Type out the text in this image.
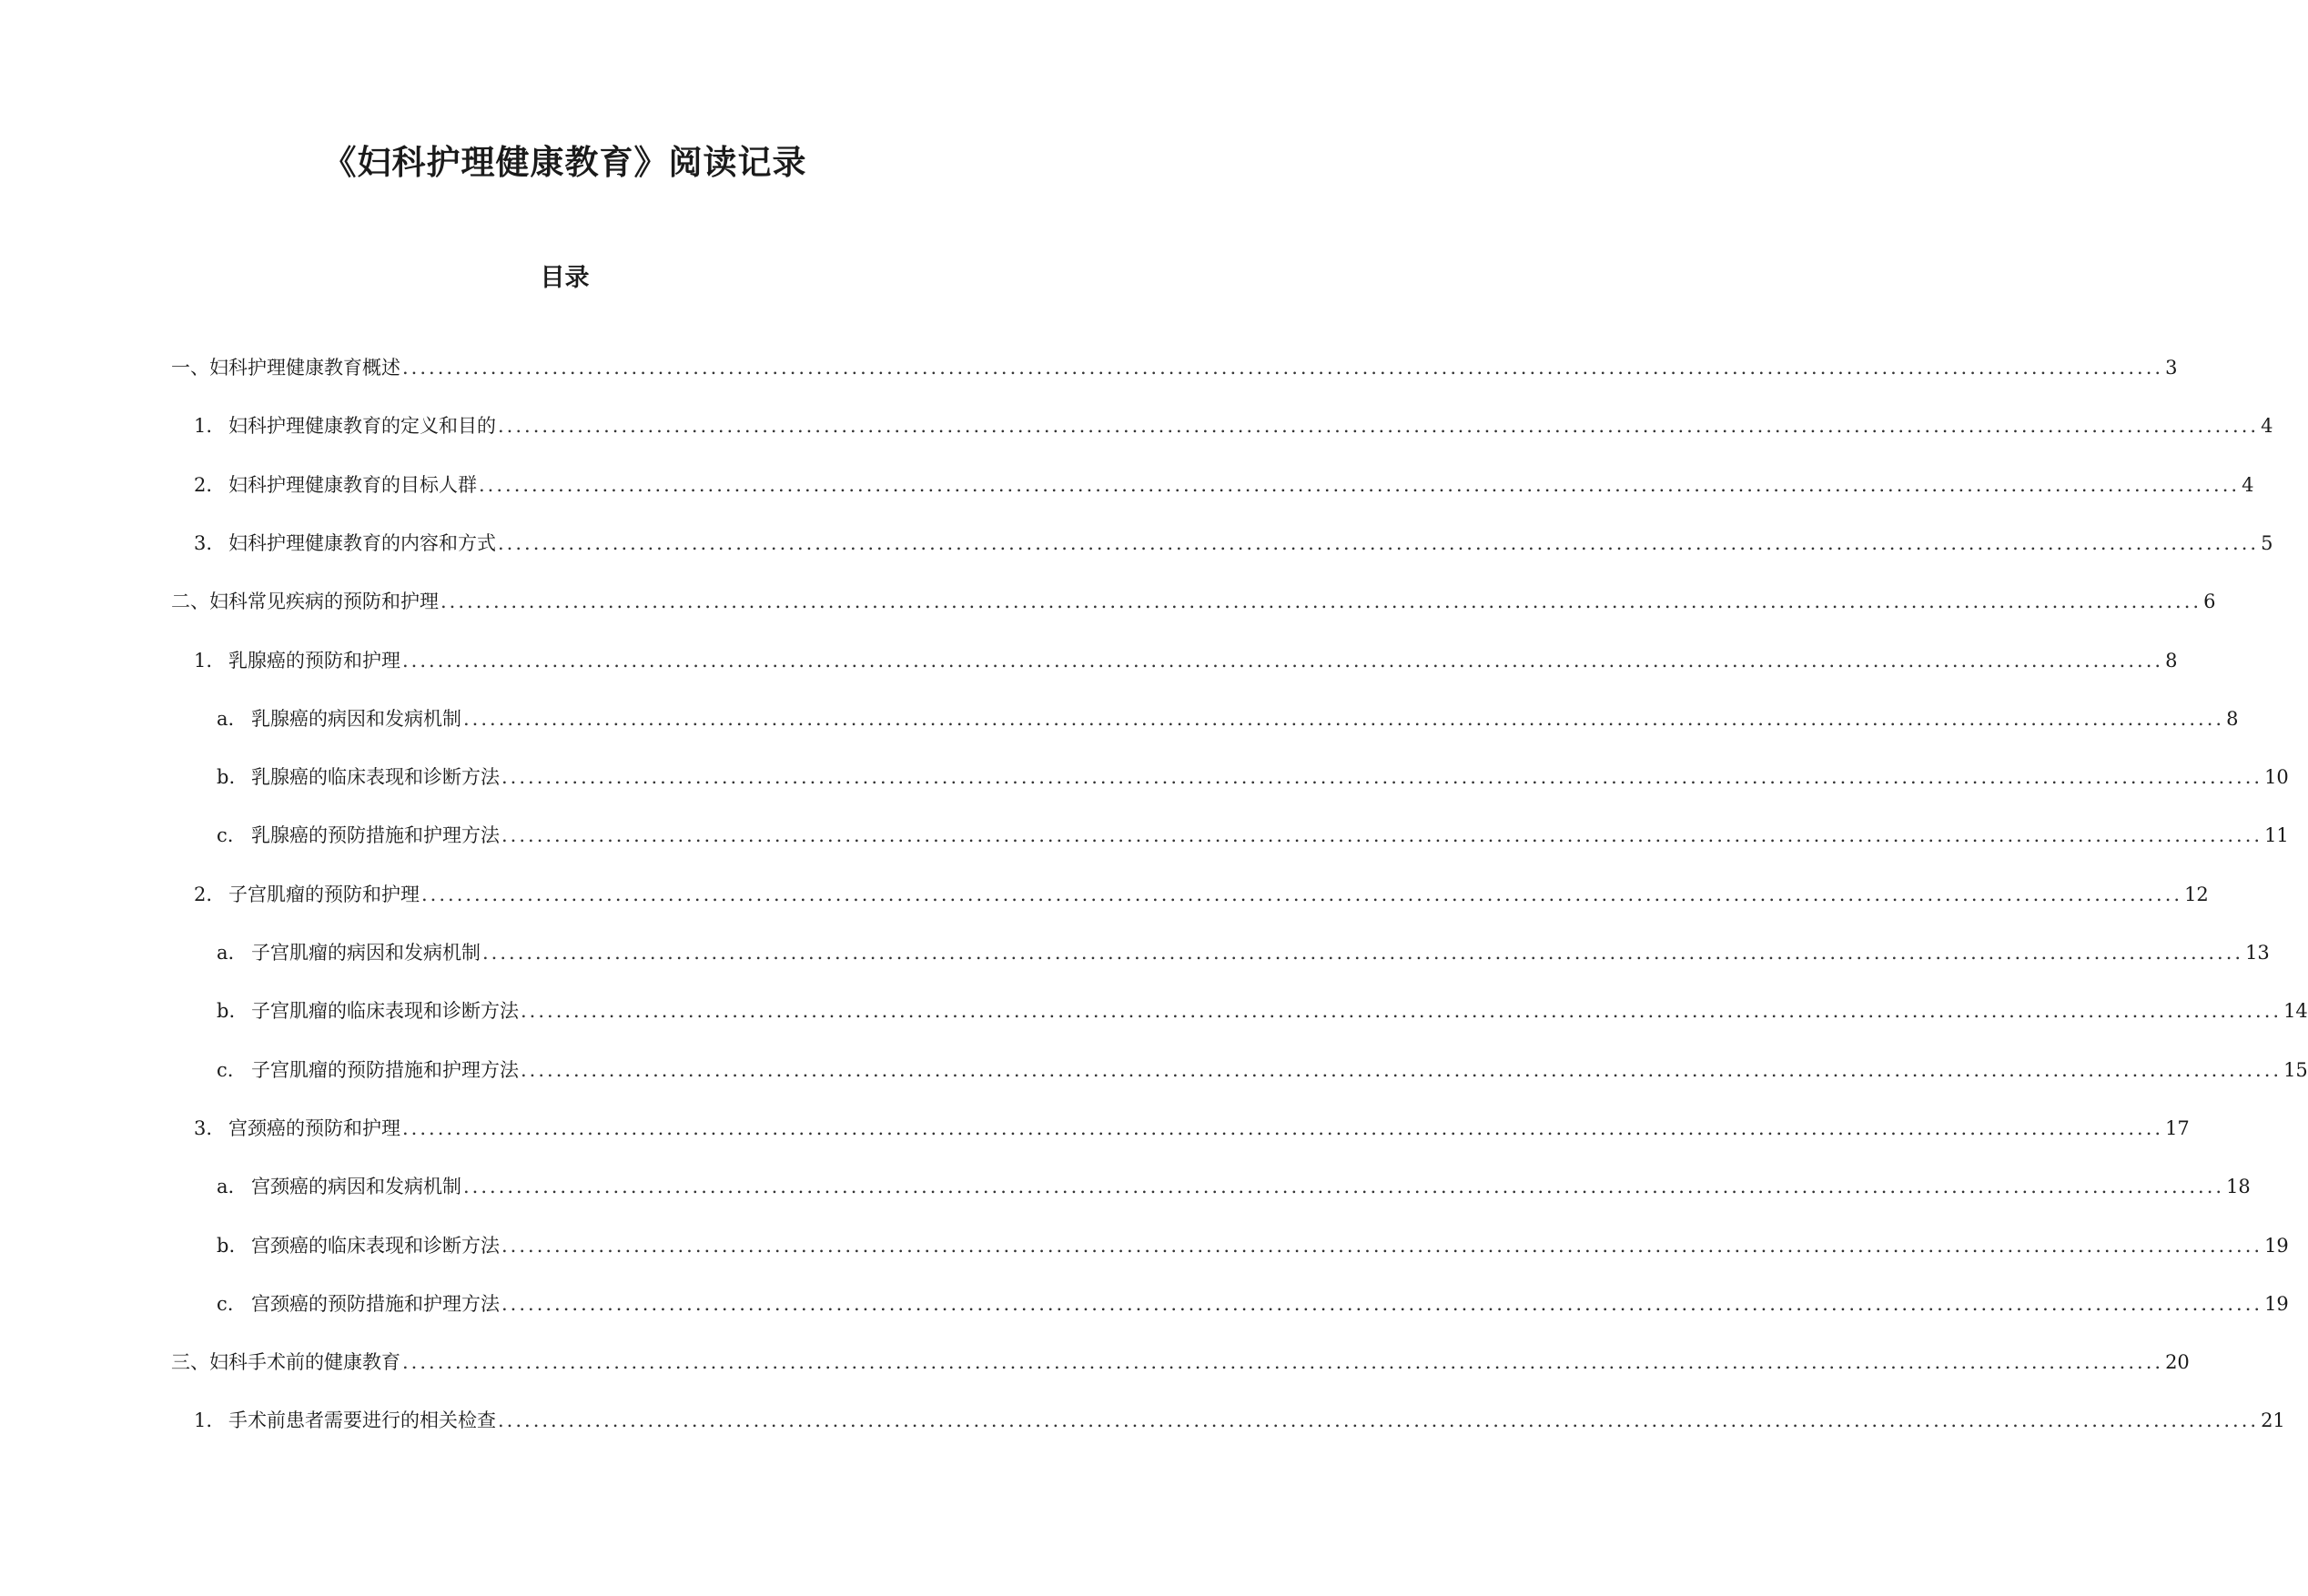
《妇科护理健康教育》阅读记录
目录
一、妇科护理健康教育概述 ........................................................................................................................................................................................................ 3
1. 妇科护理健康教育的定义和目的 ........................................................................................................................................................................................................ 4
2. 妇科护理健康教育的目标人群 ........................................................................................................................................................................................................ 4
3. 妇科护理健康教育的内容和方式 ........................................................................................................................................................................................................ 5
二、妇科常见疾病的预防和护理 ........................................................................................................................................................................................................ 6
1. 乳腺癌的预防和护理 ........................................................................................................................................................................................................ 8
a. 乳腺癌的病因和发病机制 ........................................................................................................................................................................................................ 8
b. 乳腺癌的临床表现和诊断方法 ........................................................................................................................................................................................................ 10
c. 乳腺癌的预防措施和护理方法 ........................................................................................................................................................................................................ 11
2. 子宫肌瘤的预防和护理 ........................................................................................................................................................................................................ 12
a. 子宫肌瘤的病因和发病机制 ........................................................................................................................................................................................................ 13
b. 子宫肌瘤的临床表现和诊断方法 ........................................................................................................................................................................................................ 14
c. 子宫肌瘤的预防措施和护理方法 ........................................................................................................................................................................................................ 15
3. 宫颈癌的预防和护理 ........................................................................................................................................................................................................ 17
a. 宫颈癌的病因和发病机制 ........................................................................................................................................................................................................ 18
b. 宫颈癌的临床表现和诊断方法 ........................................................................................................................................................................................................ 19
c. 宫颈癌的预防措施和护理方法 ........................................................................................................................................................................................................ 19
三、妇科手术前的健康教育 ........................................................................................................................................................................................................ 20
1. 手术前患者需要进行的相关检查 ........................................................................................................................................................................................................ 21
